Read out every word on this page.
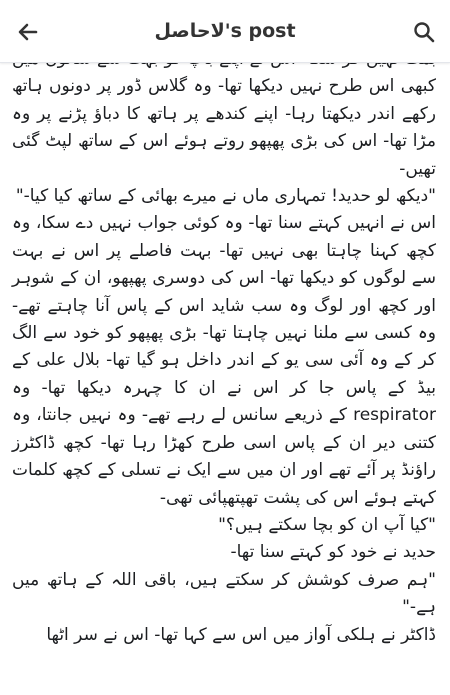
لاحاصل's post

کبھی اس طرح نہیں دیکھا تھا- وہ گلاس ڈور پر دونوں ہاتھ رکھے اندر دیکھتا رہا- اپنے کندھے پر ہاتھ کا دباؤ پڑنے پر وہ مڑا تھا- اس کی بڑی پھپھو روتے ہوئے اس کے ساتھ لپٹ گئی تھیں-

"دیکھ لو حدید! تمہاری ماں نے میرے بھائی کے ساتھ کیا کیا-"

اس نے انہیں کہتے سنا تھا- وہ کوئی جواب نہیں دے سکا، وہ کچھ کہنا چاہتا بھی نہیں تھا- بہت فاصلے پر اس نے بہت سے لوگوں کو دیکھا تھا- اس کی دوسری پھپھو، ان کے شوہر اور کچھ اور لوگ وہ سب شاید اس کے پاس آنا چاہتے تھے- وہ کسی سے ملنا نہیں چاہتا تھا- بڑی پھپھو کو خود سے الگ کر کے وہ آئی سی یو کے اندر داخل ہو گیا تھا- بلال علی کے بیڈ کے پاس جا کر اس نے ان کا چہرہ دیکھا تھا- وہ respirator کے ذریعے سانس لے رہے تھے- وہ نہیں جانتا، وہ کتنی دیر ان کے پاس اسی طرح کھڑا رہا تھا- کچھ ڈاکٹرز راؤنڈ پر آئے تھے اور ان میں سے ایک نے تسلی کے کچھ کلمات کہتے ہوئے اس کی پشت تھپتھپائی تھی-

"کیا آپ ان کو بچا سکتے ہیں؟"

حدید نے خود کو کہتے سنا تھا-

"ہم صرف کوشش کر سکتے ہیں، باقی اللہ کے ہاتھ میں ہے-"

ڈاکٹر نے ہلکی آواز میں اس سے کہا تھا- اس نے سر اٹھا
